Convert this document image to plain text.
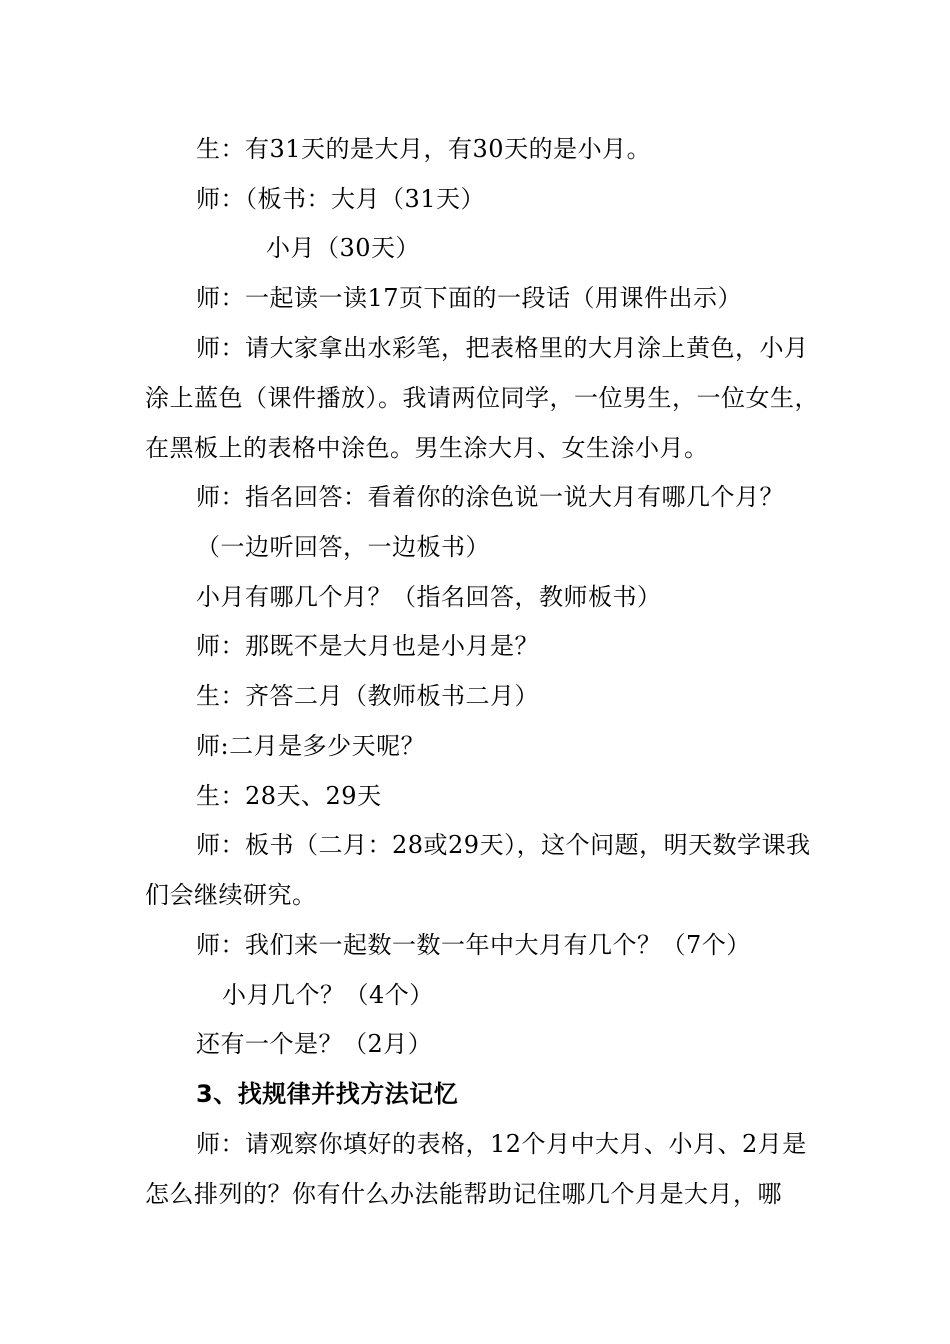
生：有31天的是大月，有30天的是小月。
师：（板书：大月（31天）
小月（30天）
师：一起读一读17页下面的一段话（用课件出示）
师：请大家拿出水彩笔，把表格里的大月涂上黄色，小月
涂上蓝色（课件播放）。我请两位同学，一位男生，一位女生，
在黑板上的表格中涂色。男生涂大月、女生涂小月。
师：指名回答：看着你的涂色说一说大月有哪几个月？
（一边听回答，一边板书）
小月有哪几个月？（指名回答，教师板书）
师：那既不是大月也是小月是？
生：齐答二月（教师板书二月）
师:二月是多少天呢？
生：28天、29天
师：板书（二月：28或29天），这个问题，明天数学课我
们会继续研究。
师：我们来一起数一数一年中大月有几个？（7个）
小月几个？（4个）
还有一个是？（2月）
3、找规律并找方法记忆
师：请观察你填好的表格，12个月中大月、小月、2月是
怎么排列的？你有什么办法能帮助记住哪几个月是大月，哪
